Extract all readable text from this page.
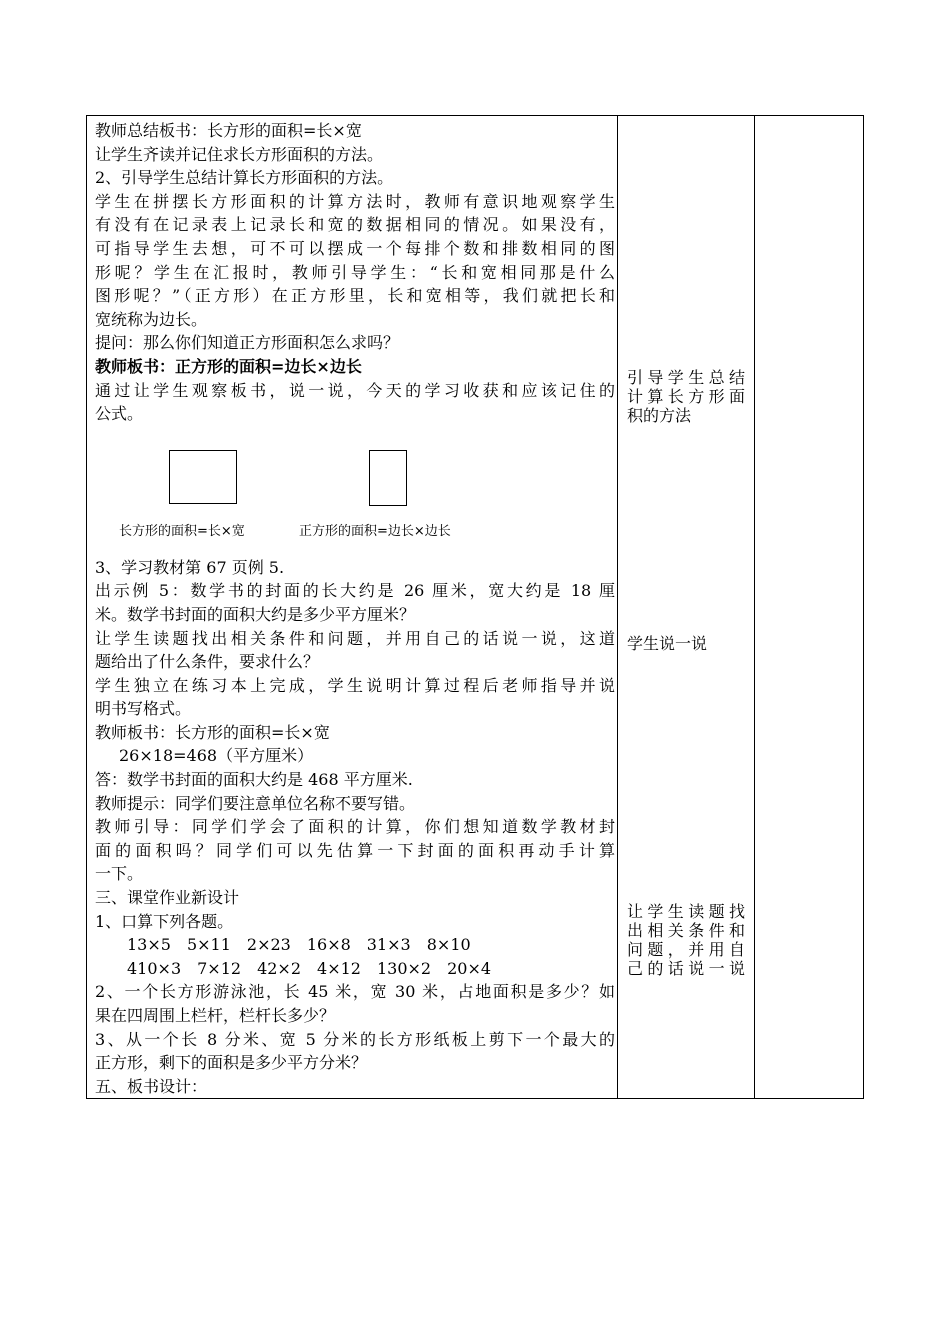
教师总结板书：长方形的面积=长×宽
让学生齐读并记住求长方形面积的方法。
2、引导学生总结计算长方形面积的方法。
学生在拼摆长方形面积的计算方法时，教师有意识地观察学生
有没有在记录表上记录长和宽的数据相同的情况。如果没有，
可指导学生去想，可不可以摆成一个每排个数和排数相同的图
形呢？学生在汇报时，教师引导学生：“长和宽相同那是什么
图形呢？”（正方形）在正方形里，长和宽相等，我们就把长和
宽统称为边长。
提问：那么你们知道正方形面积怎么求吗？
教师板书：正方形的面积=边长×边长
通过让学生观察板书，说一说，今天的学习收获和应该记住的
公式。
长方形的面积=长×宽	正方形的面积=边长×边长
3、学习教材第 67 页例 5.
出示例 5：数学书的封面的长大约是 26 厘米，宽大约是 18 厘
米。数学书封面的面积大约是多少平方厘米？
让学生读题找出相关条件和问题，并用自己的话说一说，这道
题给出了什么条件，要求什么？
学生独立在练习本上完成，学生说明计算过程后老师指导并说
明书写格式。
教师板书：长方形的面积=长×宽
26×18=468（平方厘米）
答：数学书封面的面积大约是 468 平方厘米.
教师提示：同学们要注意单位名称不要写错。
教师引导：同学们学会了面积的计算，你们想知道数学教材封
面的面积吗？同学们可以先估算一下封面的面积再动手计算
一下。
三、课堂作业新设计
1、口算下列各题。
13×5　5×11　2×23　16×8　31×3　8×10
410×3　7×12　42×2　4×12　130×2　20×4
2、一个长方形游泳池，长 45 米，宽 30 米，占地面积是多少？如
果在四周围上栏杆，栏杆长多少？
3、从一个长 8 分米、宽 5 分米的长方形纸板上剪下一个最大的
正方形，剩下的面积是多少平方分米？
五、板书设计：
引导学生总结
计算长方形面
积的方法
学生说一说
让学生读题找
出相关条件和
问题，并用自
己的话说一说
